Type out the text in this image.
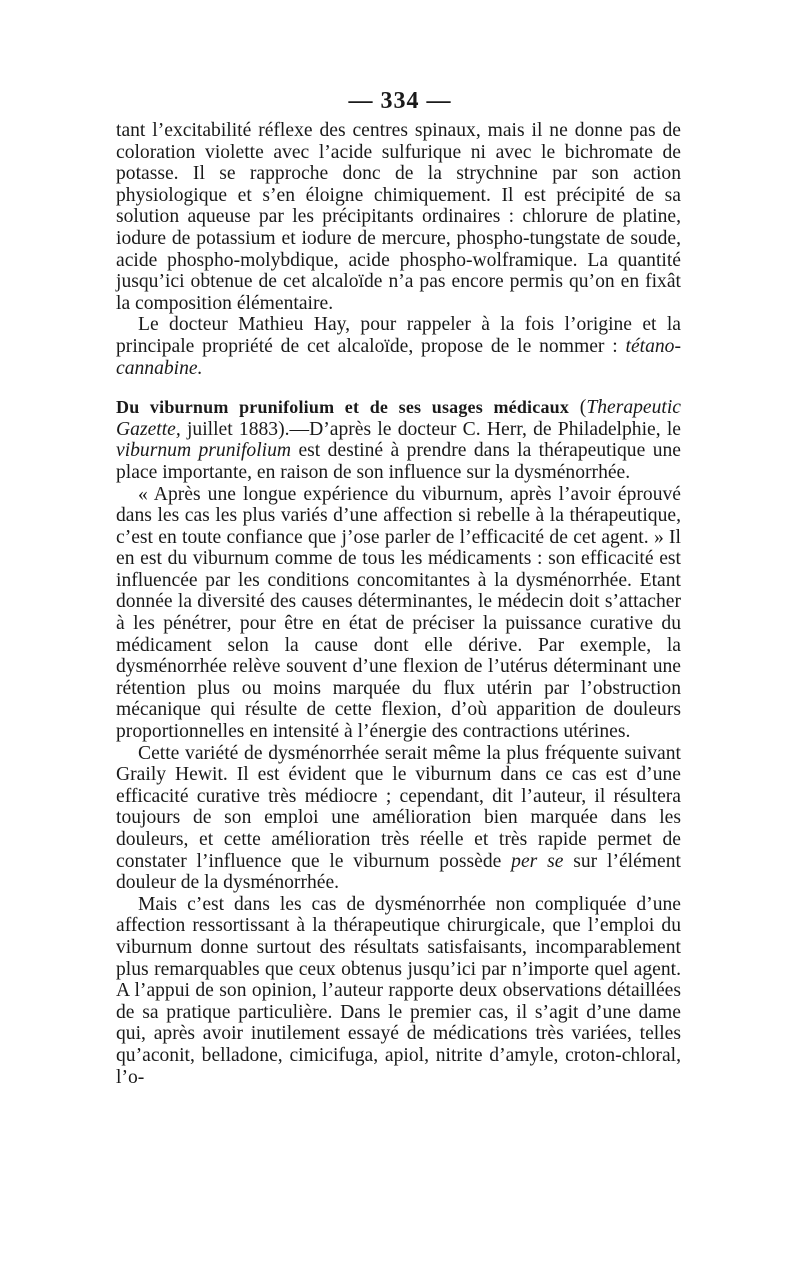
— 334 —

tant l’excitabilité réflexe des centres spinaux, mais il ne donne pas de coloration violette avec l’acide sulfurique ni avec le bichromate de potasse. Il se rapproche donc de la strychnine par son action physiologique et s’en éloigne chimiquement. Il est précipité de sa solution aqueuse par les précipitants ordinaires : chlorure de platine, iodure de potassium et iodure de mercure, phospho-tungstate de soude, acide phospho-molybdique, acide phospho-wolframique. La quantité jusqu’ici obtenue de cet alcaloïde n’a pas encore permis qu’on en fixât la composition élémentaire.

Le docteur Mathieu Hay, pour rappeler à la fois l’origine et la principale propriété de cet alcaloïde, propose de le nommer : tétano-cannabine.

Du viburnum prunifolium et de ses usages médicaux (Therapeutic Gazette, juillet 1883).—D’après le docteur C. Herr, de Philadelphie, le viburnum prunifolium est destiné à prendre dans la thérapeutique une place importante, en raison de son influence sur la dysménorrhée.

« Après une longue expérience du viburnum, après l’avoir éprouvé dans les cas les plus variés d’une affection si rebelle à la thérapeutique, c’est en toute confiance que j’ose parler de l’efficacité de cet agent. » Il en est du viburnum comme de tous les médicaments : son efficacité est influencée par les conditions concomitantes à la dysménorrhée. Etant donnée la diversité des causes déterminantes, le médecin doit s’attacher à les pénétrer, pour être en état de préciser la puissance curative du médicament selon la cause dont elle dérive. Par exemple, la dysménorrhée relève souvent d’une flexion de l’utérus déterminant une rétention plus ou moins marquée du flux utérin par l’obstruction mécanique qui résulte de cette flexion, d’où apparition de douleurs proportionnelles en intensité à l’énergie des contractions utérines.

Cette variété de dysménorrhée serait même la plus fréquente suivant Graily Hewit. Il est évident que le viburnum dans ce cas est d’une efficacité curative très médiocre ; cependant, dit l’auteur, il résultera toujours de son emploi une amélioration bien marquée dans les douleurs, et cette amélioration très réelle et très rapide permet de constater l’influence que le viburnum possède per se sur l’élément douleur de la dysménorrhée.

Mais c’est dans les cas de dysménorrhée non compliquée d’une affection ressortissant à la thérapeutique chirurgicale, que l’emploi du viburnum donne surtout des résultats satisfaisants, incomparablement plus remarquables que ceux obtenus jusqu’ici par n’importe quel agent. A l’appui de son opinion, l’auteur rapporte deux observations détaillées de sa pratique particulière. Dans le premier cas, il s’agit d’une dame qui, après avoir inutilement essayé de médications très variées, telles qu’aconit, belladone, cimicifuga, apiol, nitrite d’amyle, croton-chloral, l’o-
